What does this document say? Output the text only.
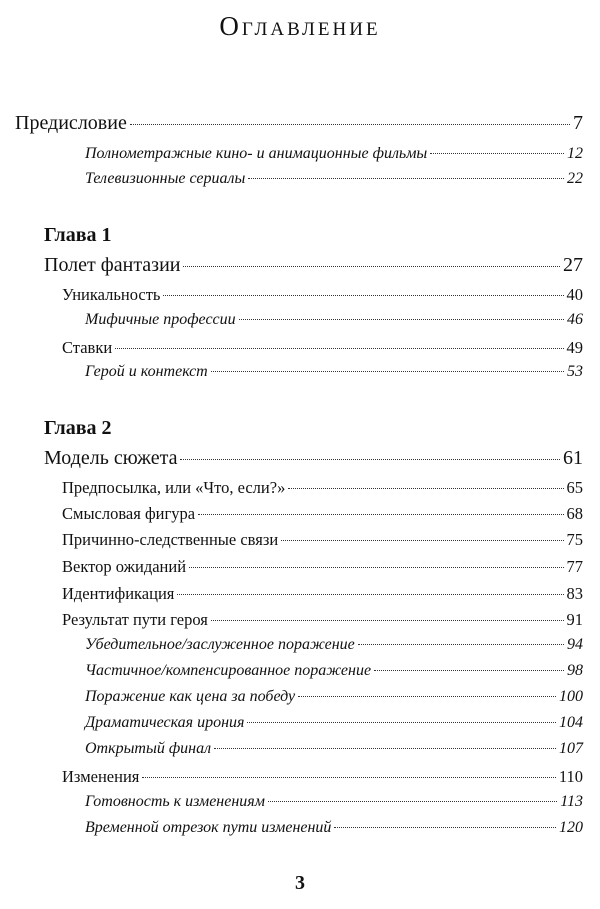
Оглавление
Предисловие	7
Полнометражные кино- и анимационные фильмы	12
Телевизионные сериалы	22
Глава 1
Полет фантазии	27
Уникальность	40
Мифичные профессии	46
Ставки	49
Герой и контекст	53
Глава 2
Модель сюжета	61
Предпосылка, или «Что, если?»	65
Смысловая фигура	68
Причинно-следственные связи	75
Вектор ожиданий	77
Идентификация	83
Результат пути героя	91
Убедительное/заслуженное поражение	94
Частичное/компенсированное поражение	98
Поражение как цена за победу	100
Драматическая ирония	104
Открытый финал	107
Изменения	110
Готовность к изменениям	113
Временной отрезок пути изменений	120
3
